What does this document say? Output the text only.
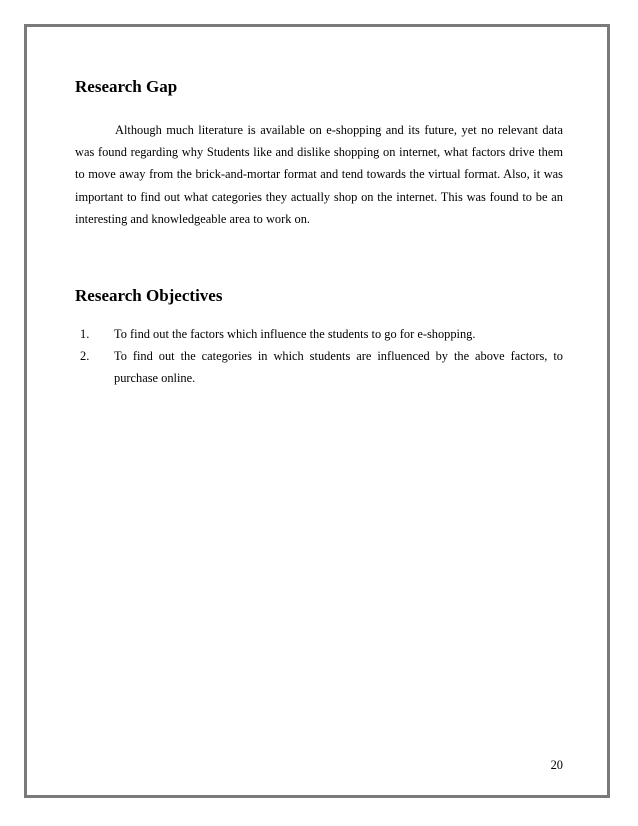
Research Gap

Although much literature is available on e-shopping and its future, yet no relevant data was found regarding why Students like and dislike shopping on internet, what factors drive them to move away from the brick-and-mortar format and tend towards the virtual format. Also, it was important to find out what categories they actually shop on the internet. This was found to be an interesting and knowledgeable area to work on.

Research Objectives
1. To find out the factors which influence the students to go for e-shopping.
2. To find out the categories in which students are influenced by the above factors, to purchase online.
20
